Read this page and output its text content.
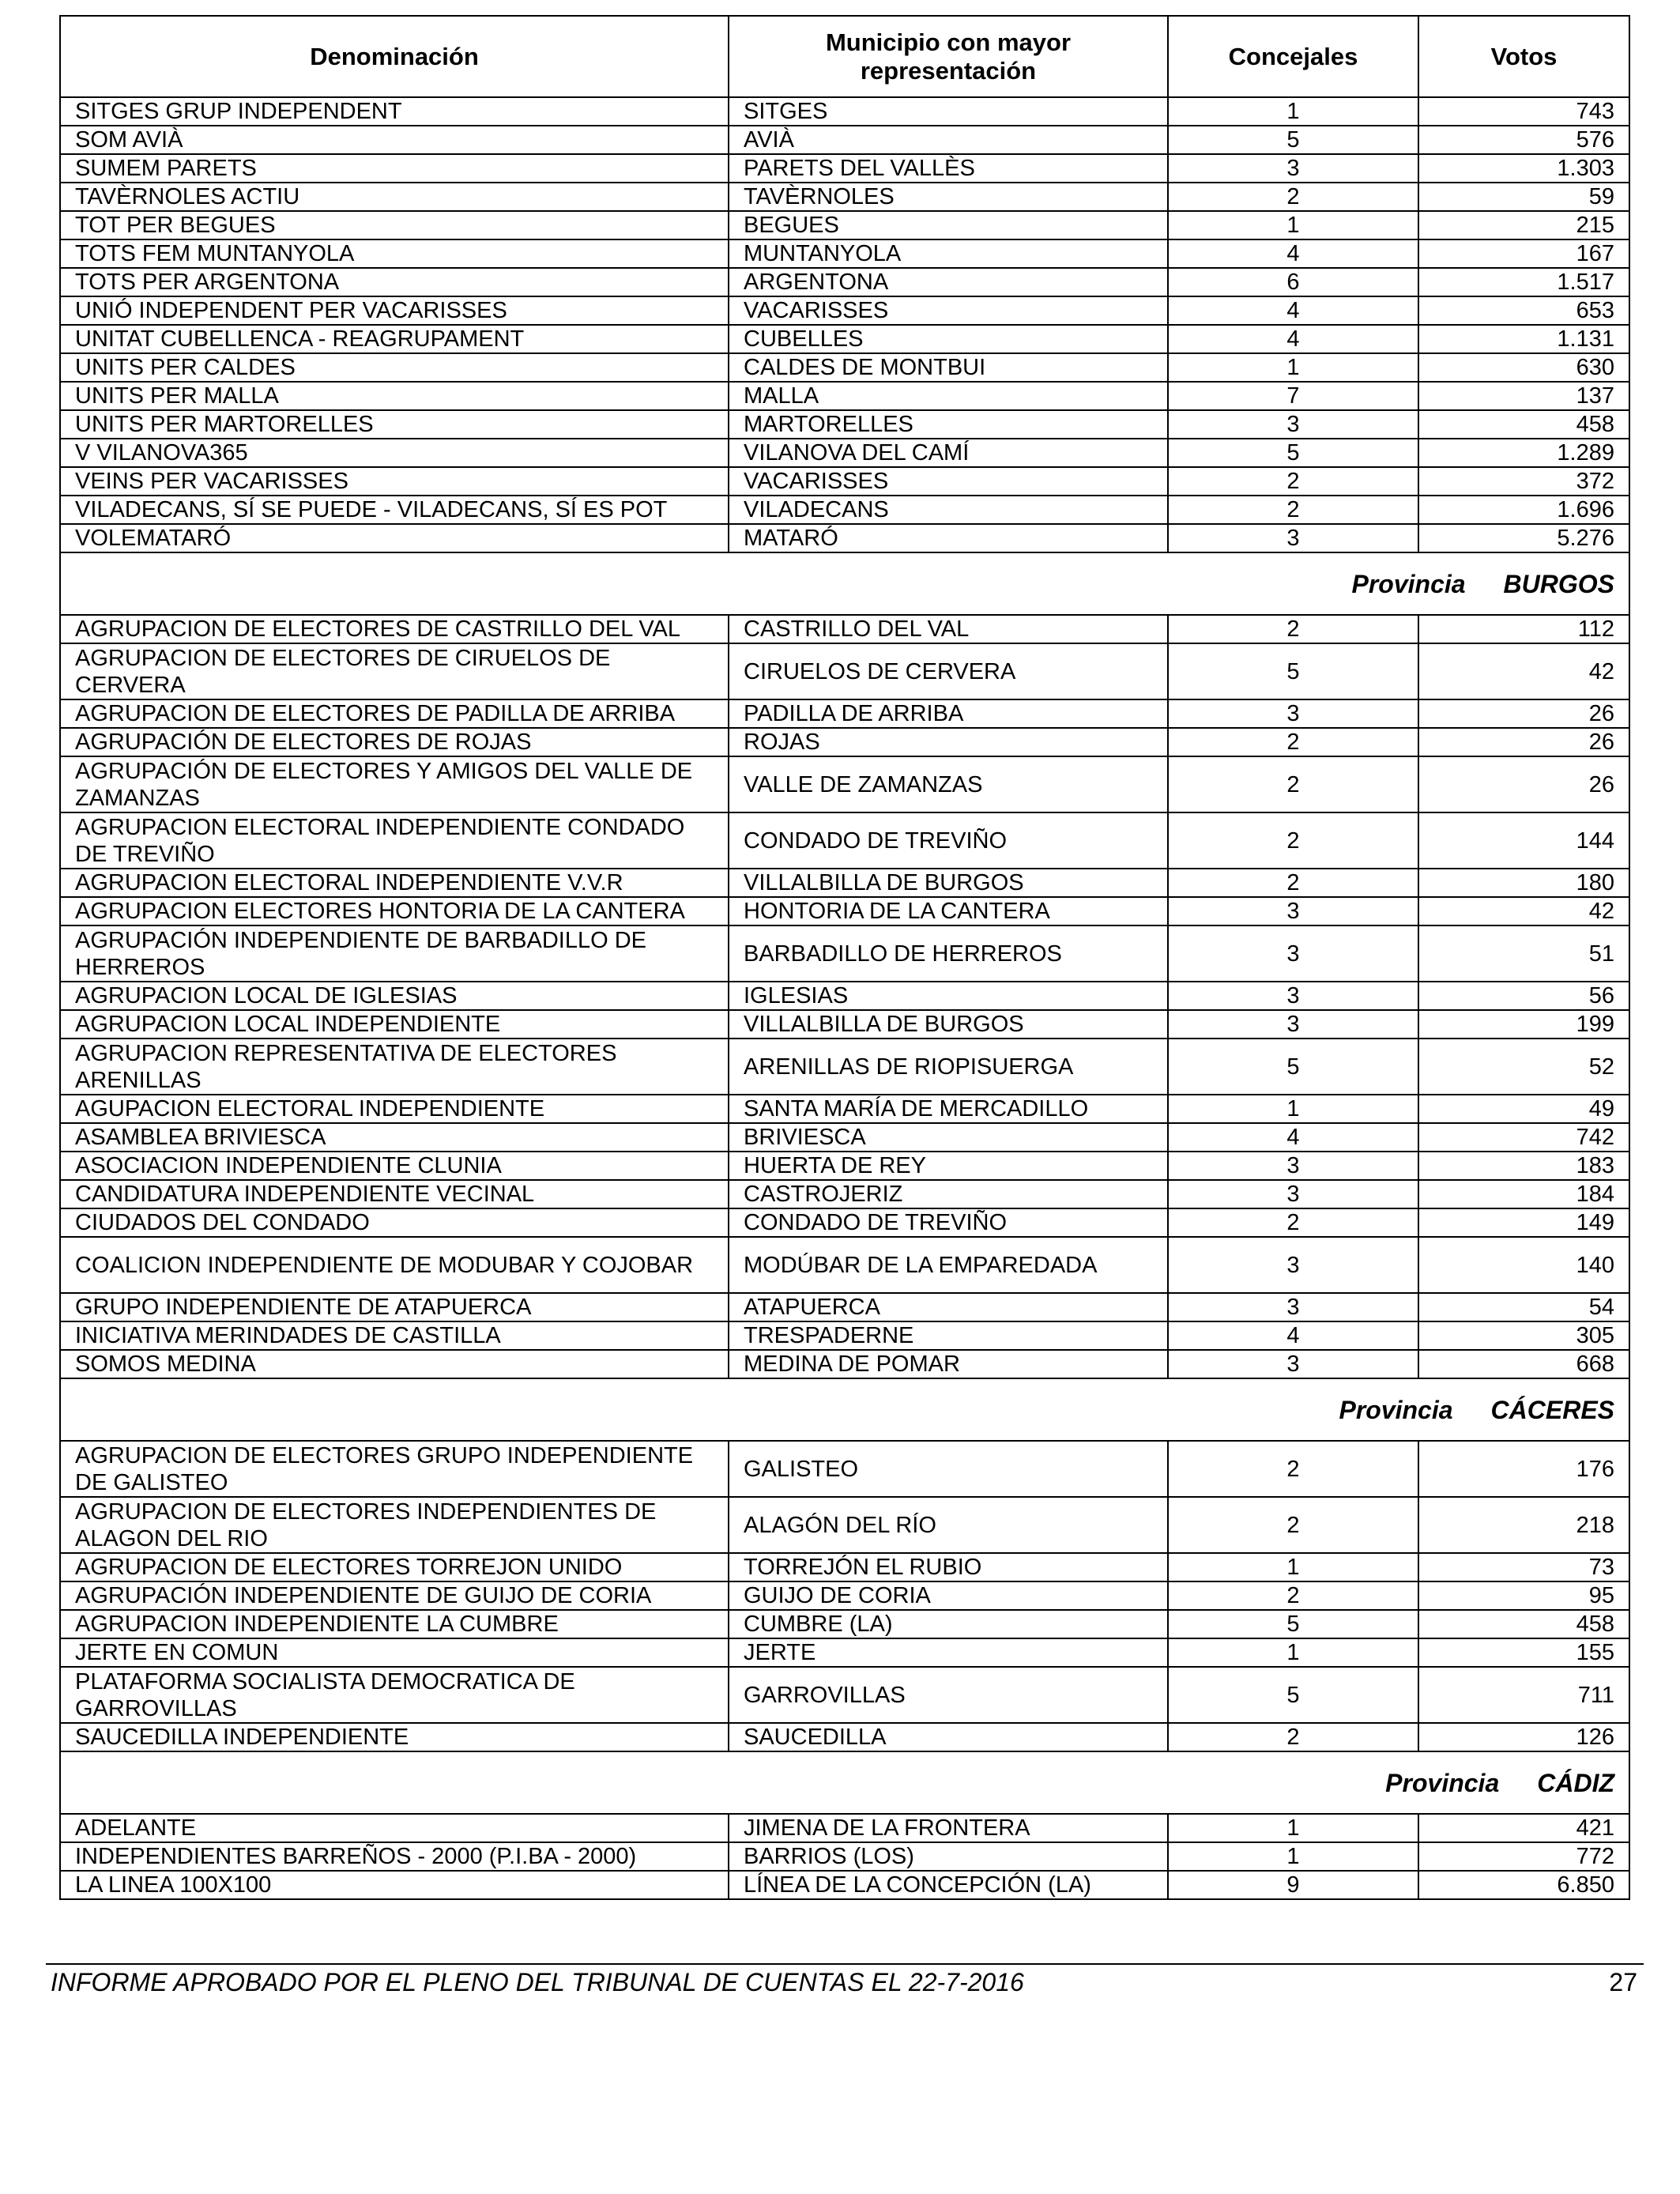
Denominación	Municipio con mayor representación	Concejales	Votos
SITGES GRUP INDEPENDENT	SITGES	1	743
SOM AVIÀ	AVIÀ	5	576
SUMEM PARETS	PARETS DEL VALLÈS	3	1.303
TAVÈRNOLES ACTIU	TAVÈRNOLES	2	59
TOT PER BEGUES	BEGUES	1	215
TOTS FEM MUNTANYOLA	MUNTANYOLA	4	167
TOTS PER ARGENTONA	ARGENTONA	6	1.517
UNIÓ INDEPENDENT PER VACARISSES	VACARISSES	4	653
UNITAT CUBELLENCA - REAGRUPAMENT	CUBELLES	4	1.131
UNITS PER CALDES	CALDES DE MONTBUI	1	630
UNITS PER MALLA	MALLA	7	137
UNITS PER MARTORELLES	MARTORELLES	3	458
V VILANOVA365	VILANOVA DEL CAMÍ	5	1.289
VEINS PER VACARISSES	VACARISSES	2	372
VILADECANS, SÍ SE PUEDE - VILADECANS, SÍ ES POT	VILADECANS	2	1.696
VOLEMATARÓ	MATARÓ	3	5.276
Provincia BURGOS			
AGRUPACION DE ELECTORES DE CASTRILLO DEL VAL	CASTRILLO DEL VAL	2	112
AGRUPACION DE ELECTORES DE CIRUELOS DE CERVERA	CIRUELOS DE CERVERA	5	42
AGRUPACION DE ELECTORES DE PADILLA DE ARRIBA	PADILLA DE ARRIBA	3	26
AGRUPACIÓN DE ELECTORES DE ROJAS	ROJAS	2	26
AGRUPACIÓN DE ELECTORES Y AMIGOS DEL VALLE DE ZAMANZAS	VALLE DE ZAMANZAS	2	26
AGRUPACION ELECTORAL INDEPENDIENTE CONDADO DE TREVIÑO	CONDADO DE TREVIÑO	2	144
AGRUPACION ELECTORAL INDEPENDIENTE V.V.R	VILLALBILLA DE BURGOS	2	180
AGRUPACION ELECTORES HONTORIA DE LA CANTERA	HONTORIA DE LA CANTERA	3	42
AGRUPACIÓN INDEPENDIENTE DE BARBADILLO DE HERREROS	BARBADILLO DE HERREROS	3	51
AGRUPACION LOCAL DE IGLESIAS	IGLESIAS	3	56
AGRUPACION LOCAL INDEPENDIENTE	VILLALBILLA DE BURGOS	3	199
AGRUPACION REPRESENTATIVA DE ELECTORES ARENILLAS	ARENILLAS DE RIOPISUERGA	5	52
AGUPACION ELECTORAL INDEPENDIENTE	SANTA MARÍA DE MERCADILLO	1	49
ASAMBLEA BRIVIESCA	BRIVIESCA	4	742
ASOCIACION INDEPENDIENTE CLUNIA	HUERTA DE REY	3	183
CANDIDATURA INDEPENDIENTE VECINAL	CASTROJERIZ	3	184
CIUDADOS DEL CONDADO	CONDADO DE TREVIÑO	2	149
COALICION INDEPENDIENTE DE MODUBAR Y COJOBAR	MODÚBAR DE LA EMPAREDADA	3	140
GRUPO INDEPENDIENTE DE ATAPUERCA	ATAPUERCA	3	54
INICIATIVA MERINDADES DE CASTILLA	TRESPADERNE	4	305
SOMOS MEDINA	MEDINA DE POMAR	3	668
Provincia CÁCERES			
AGRUPACION DE ELECTORES GRUPO INDEPENDIENTE DE GALISTEO	GALISTEO	2	176
AGRUPACION DE ELECTORES INDEPENDIENTES DE ALAGON DEL RIO	ALAGÓN DEL RÍO	2	218
AGRUPACION DE ELECTORES TORREJON UNIDO	TORREJÓN EL RUBIO	1	73
AGRUPACIÓN INDEPENDIENTE DE GUIJO DE CORIA	GUIJO DE CORIA	2	95
AGRUPACION INDEPENDIENTE LA CUMBRE	CUMBRE (LA)	5	458
JERTE EN COMUN	JERTE	1	155
PLATAFORMA SOCIALISTA DEMOCRATICA DE GARROVILLAS	GARROVILLAS	5	711
SAUCEDILLA INDEPENDIENTE	SAUCEDILLA	2	126
Provincia CÁDIZ			
ADELANTE	JIMENA DE LA FRONTERA	1	421
INDEPENDIENTES BARREÑOS - 2000 (P.I.BA - 2000)	BARRIOS (LOS)	1	772
LA LINEA 100X100	LÍNEA DE LA CONCEPCIÓN (LA)	9	6.850
INFORME APROBADO POR EL PLENO DEL TRIBUNAL DE CUENTAS EL 22-7-2016	27
